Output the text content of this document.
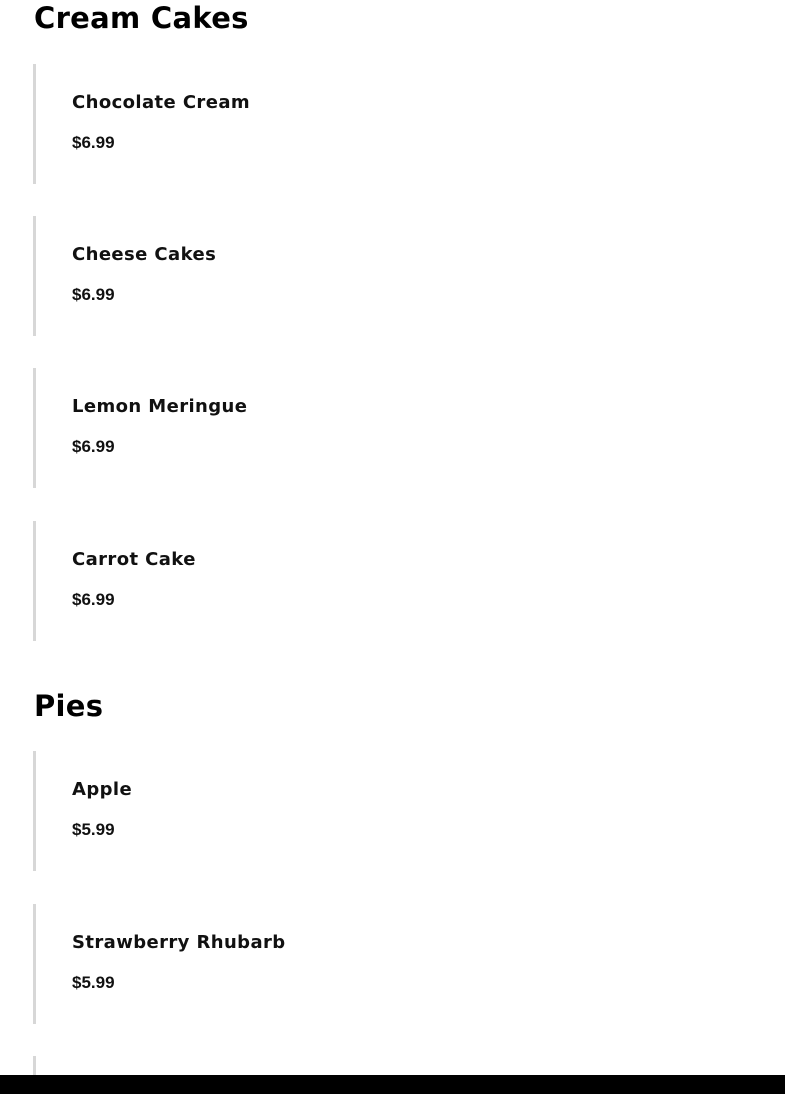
Cream Cakes
Chocolate Cream

$6.99

Cheese Cakes

$6.99

Lemon Meringue

$6.99

Carrot Cake

$6.99

Pies
Apple

$5.99

Strawberry Rhubarb

$5.99
